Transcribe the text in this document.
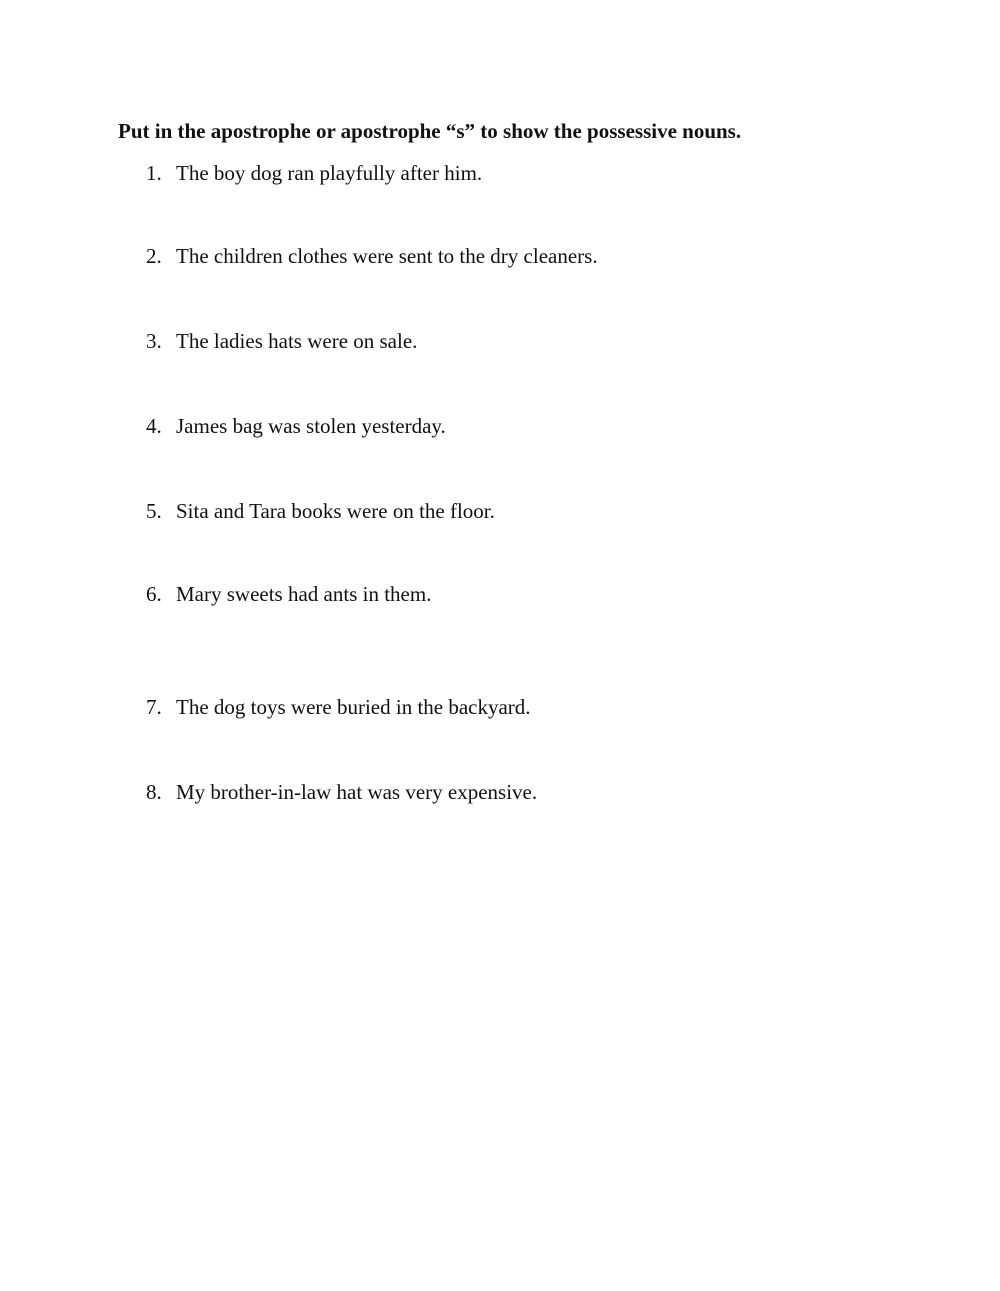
Put in the apostrophe or apostrophe “s” to show the possessive nouns.
1. The boy dog ran playfully after him.
2. The children clothes were sent to the dry cleaners.
3. The ladies hats were on sale.
4. James bag was stolen yesterday.
5. Sita and Tara books were on the floor.
6. Mary sweets had ants in them.
7. The dog toys were buried in the backyard.
8. My brother-in-law hat was very expensive.
